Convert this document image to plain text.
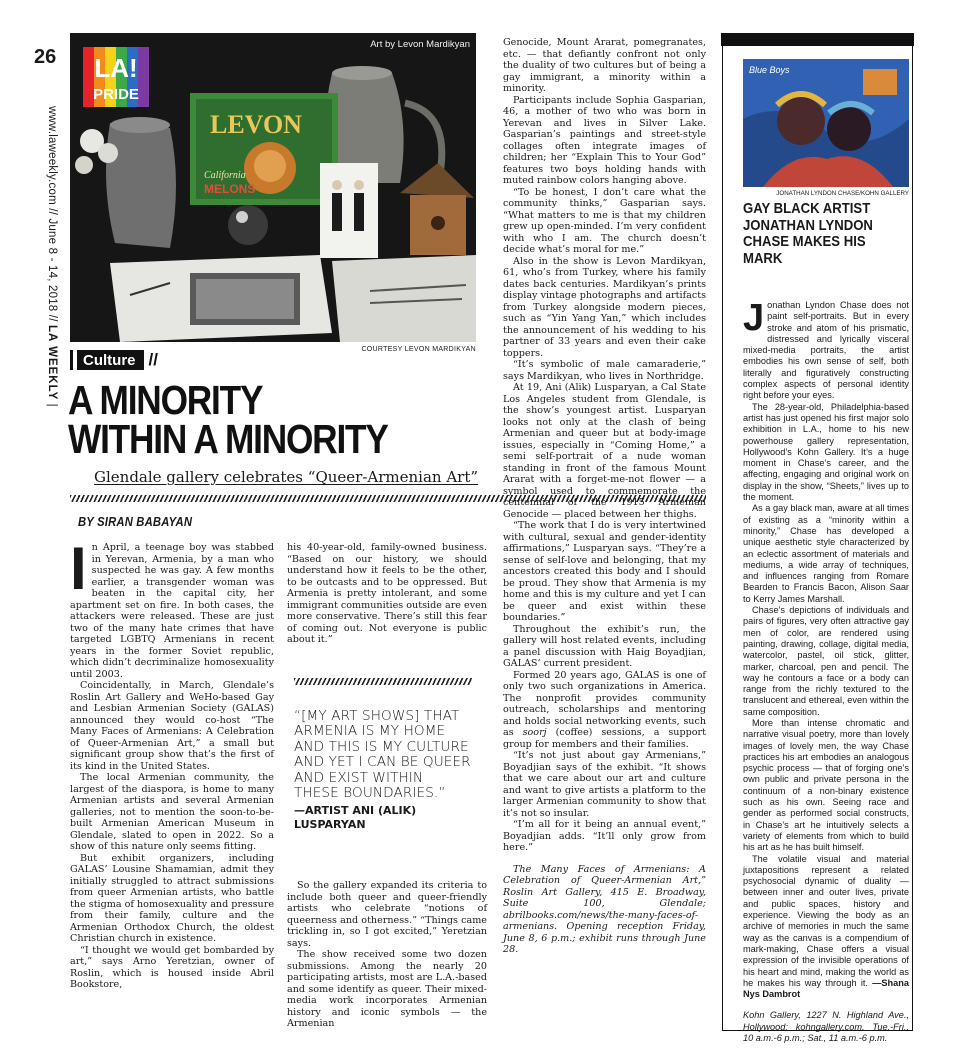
26
www.laweekly.com // June 8 - 14, 2018 // LA WEEKLY |
LEVON
California
MELONS
Art by Levon Mardikyan
LA!
PRIDE
COURTESY LEVON MARDIKYAN
Culture //
A MINORITY
WITHIN A MINORITY
Glendale gallery celebrates “Queer-Armenian Art”
BY SIRAN BABAYAN
I n April, a teenage boy was stabbed in Yerevan, Armenia, by a man who suspected he was gay. A few months earlier, a transgender woman was beaten in the capital city, her apartment set on fire. In both cases, the attackers were released. These are just two of the many hate crimes that have targeted LGBTQ Armenians in recent years in the former Soviet republic, which didn’t decriminalize homosexuality until 2003.

Coincidentally, in March, Glendale’s Roslin Art Gallery and WeHo-based Gay and Lesbian Armenian Society (GALAS) announced they would co-host “The Many Faces of Armenians: A Celebration of Queer-Armenian Art,” a small but significant group show that’s the first of its kind in the United States.

The local Armenian community, the largest of the diaspora, is home to many Armenian artists and several Armenian galleries, not to mention the soon-to-be-built Armenian American Museum in Glendale, slated to open in 2022. So a show of this nature only seems fitting.

But exhibit organizers, including GALAS’ Lousine Shamamian, admit they initially struggled to attract submissions from queer Armenian artists, who battle the stigma of homosexuality and pressure from their family, culture and the Armenian Orthodox Church, the oldest Christian church in existence.

“I thought we would get bombarded by art,” says Arno Yeretzian, owner of Roslin, which is housed inside Abril Bookstore,

his 40-year-old, family-owned business. “Based on our history, we should understand how it feels to be the other, to be outcasts and to be oppressed. But Armenia is pretty intolerant, and some immigrant communities outside are even more conservative. There’s still this fear of coming out. Not everyone is public about it.”

“[MY ART SHOWS] THAT ARMENIA IS MY HOME AND THIS IS MY CULTURE AND YET I CAN BE QUEER AND EXIST WITHIN THESE BOUNDARIES.”
—ARTIST ANI (ALIK)
LUSPARYAN

So the gallery expanded its criteria to include both queer and queer-friendly artists who celebrate “notions of queerness and otherness.” “Things came trickling in, so I got excited,” Yeretzian says.

The show received some two dozen submissions. Among the nearly 20 participating artists, most are L.A.-based and some identify as queer. Their mixed-media work incorporates Armenian history and iconic symbols — the Armenian

Genocide, Mount Ararat, pomegranates, etc. — that defiantly confront not only the duality of two cultures but of being a gay immigrant, a minority within a minority.

Participants include Sophia Gasparian, 46, a mother of two who was born in Yerevan and lives in Silver Lake. Gasparian’s paintings and street-style collages often integrate images of children; her “Explain This to Your God” features two boys holding hands with muted rainbow colors hanging above.

“To be honest, I don’t care what the community thinks,” Gasparian says. “What matters to me is that my children grew up open-minded. I’m very confident with who I am. The church doesn’t decide what’s moral for me.”

Also in the show is Levon Mardikyan, 61, who’s from Turkey, where his family dates back centuries. Mardikyan’s prints display vintage photographs and artifacts from Turkey alongside modern pieces, such as “Yin Yang Yan,” which includes the announcement of his wedding to his partner of 33 years and even their cake toppers.

“It’s symbolic of male camaraderie,” says Mardikyan, who lives in Northridge.

At 19, Ani (Alik) Lusparyan, a Cal State Los Angeles student from Glendale, is the show’s youngest artist. Lusparyan looks not only at the clash of being Armenian and queer but at body-image issues, especially in “Coming Home,” a semi self-portrait of a nude woman standing in front of the famous Mount Ararat with a forget-me-not flower — a symbol used to commemorate the centennial of the 1915 Armenian Genocide — placed between her thighs.

“The work that I do is very intertwined with cultural, sexual and gender-identity affirmations,” Lusparyan says. “They’re a sense of self-love and belonging, that my ancestors created this body and I should be proud. They show that Armenia is my home and this is my culture and yet I can be queer and exist within these boundaries.”

Throughout the exhibit’s run, the gallery will host related events, including a panel discussion with Haig Boyadjian, GALAS’ current president.

Formed 20 years ago, GALAS is one of only two such organizations in America. The nonprofit provides community outreach, scholarships and mentoring and holds social networking events, such as soorj (coffee) sessions, a support group for members and their families.

“It’s not just about gay Armenians,” Boyadjian says of the exhibit. “It shows that we care about our art and culture and want to give artists a platform to the larger Armenian community to show that it’s not so insular.

“I’m all for it being an annual event,” Boyadjian adds. “It’ll only grow from here.”

The Many Faces of Armenians: A Celebration of Queer-Armenian Art,” Roslin Art Gallery, 415 E. Broadway, Suite 100, Glendale; abrilbooks.com/news/the-many-faces-of-armenians. Opening reception Friday, June 8, 6 p.m.; exhibit runs through June 28.

Blue Boys
JONATHAN LYNDON CHASE/KOHN GALLERY
GAY BLACK ARTIST JONATHAN LYNDON CHASE MAKES HIS MARK
J onathan Lyndon Chase does not paint self-portraits. But in every stroke and atom of his prismatic, distressed and lyrically visceral mixed-media portraits, the artist embodies his own sense of self, both literally and figuratively constructing complex aspects of personal identity right before your eyes.

The 28-year-old, Philadelphia-based artist has just opened his first major solo exhibition in L.A., home to his new powerhouse gallery representation, Hollywood’s Kohn Gallery. It’s a huge moment in Chase’s career, and the affecting, engaging and original work on display in the show, “Sheets,” lives up to the moment.

As a gay black man, aware at all times of existing as a “minority within a minority,” Chase has developed a unique aesthetic style characterized by an eclectic assortment of materials and mediums, a wide array of techniques, and influences ranging from Romare Bearden to Francis Bacon, Alison Saar to Kerry James Marshall.

Chase’s depictions of individuals and pairs of figures, very often attractive gay men of color, are rendered using painting, drawing, collage, digital media, watercolor, pastel, oil stick, glitter, marker, charcoal, pen and pencil. The way he contours a face or a body can range from the richly textured to the translucent and ethereal, even within the same composition.

More than intense chromatic and narrative visual poetry, more than lovely images of lovely men, the way Chase practices his art embodies an analogous psychic process — that of forging one’s own public and private persona in the continuum of a non-binary existence such as his own. Seeing race and gender as performed social constructs, in Chase’s art he intuitively selects a variety of elements from which to build his art as he has built himself.

The volatile visual and material juxtapositions represent a related psychosocial dynamic of duality — between inner and outer lives, private and public spaces, history and experience. Viewing the body as an archive of memories in much the same way as the canvas is a compendium of mark-making, Chase offers a visual expression of the invisible operations of his heart and mind, making the world as he makes his way through it. —Shana Nys Dambrot

Kohn Gallery, 1227 N. Highland Ave., Hollywood; kohngallery.com. Tue.-Fri., 10 a.m.-6 p.m.; Sat., 11 a.m.-6 p.m.
